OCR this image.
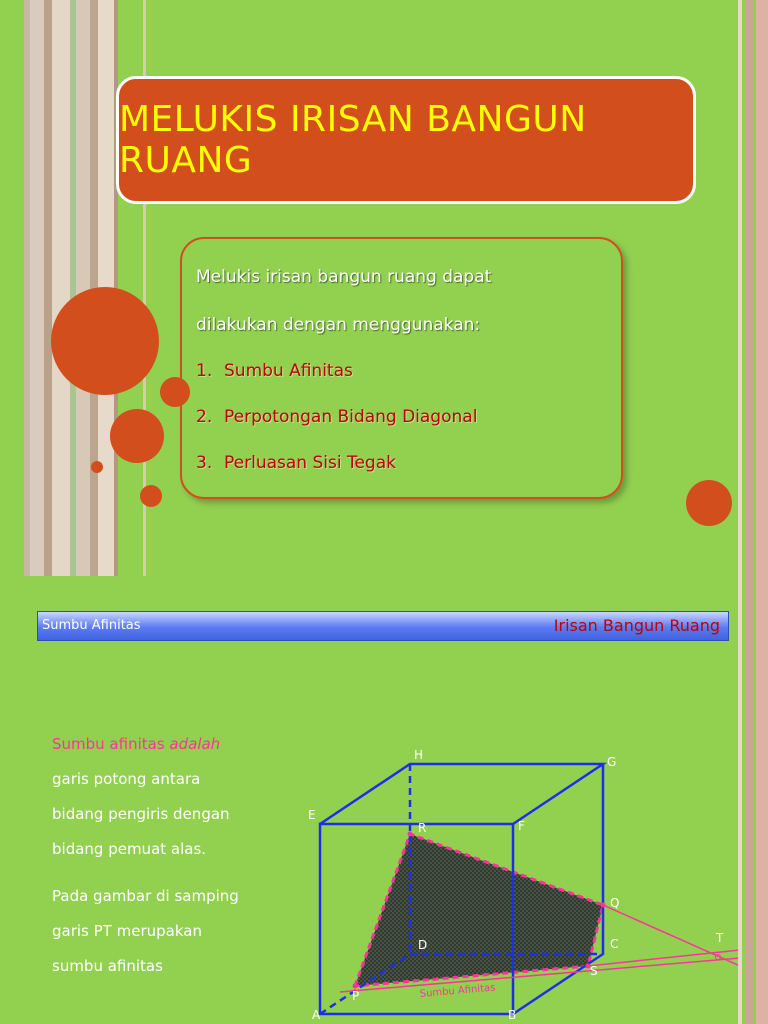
MELUKIS IRISAN BANGUN RUANG
Melukis irisan bangun ruang dapat
dilakukan dengan menggunakan:
1. Sumbu Afinitas
2. Perpotongan Bidang Diagonal
3. Perluasan Sisi Tegak
Sumbu Afinitas	Irisan Bangun Ruang
Sumbu afinitas adalah
garis potong antara
bidang pengiris dengan
bidang pemuat alas.
Pada gambar di samping
garis PT merupakan
sumbu afinitas
A	B
C
D
E
F
G
H
P
Q
R
S
T
Sumbu Afinitas
